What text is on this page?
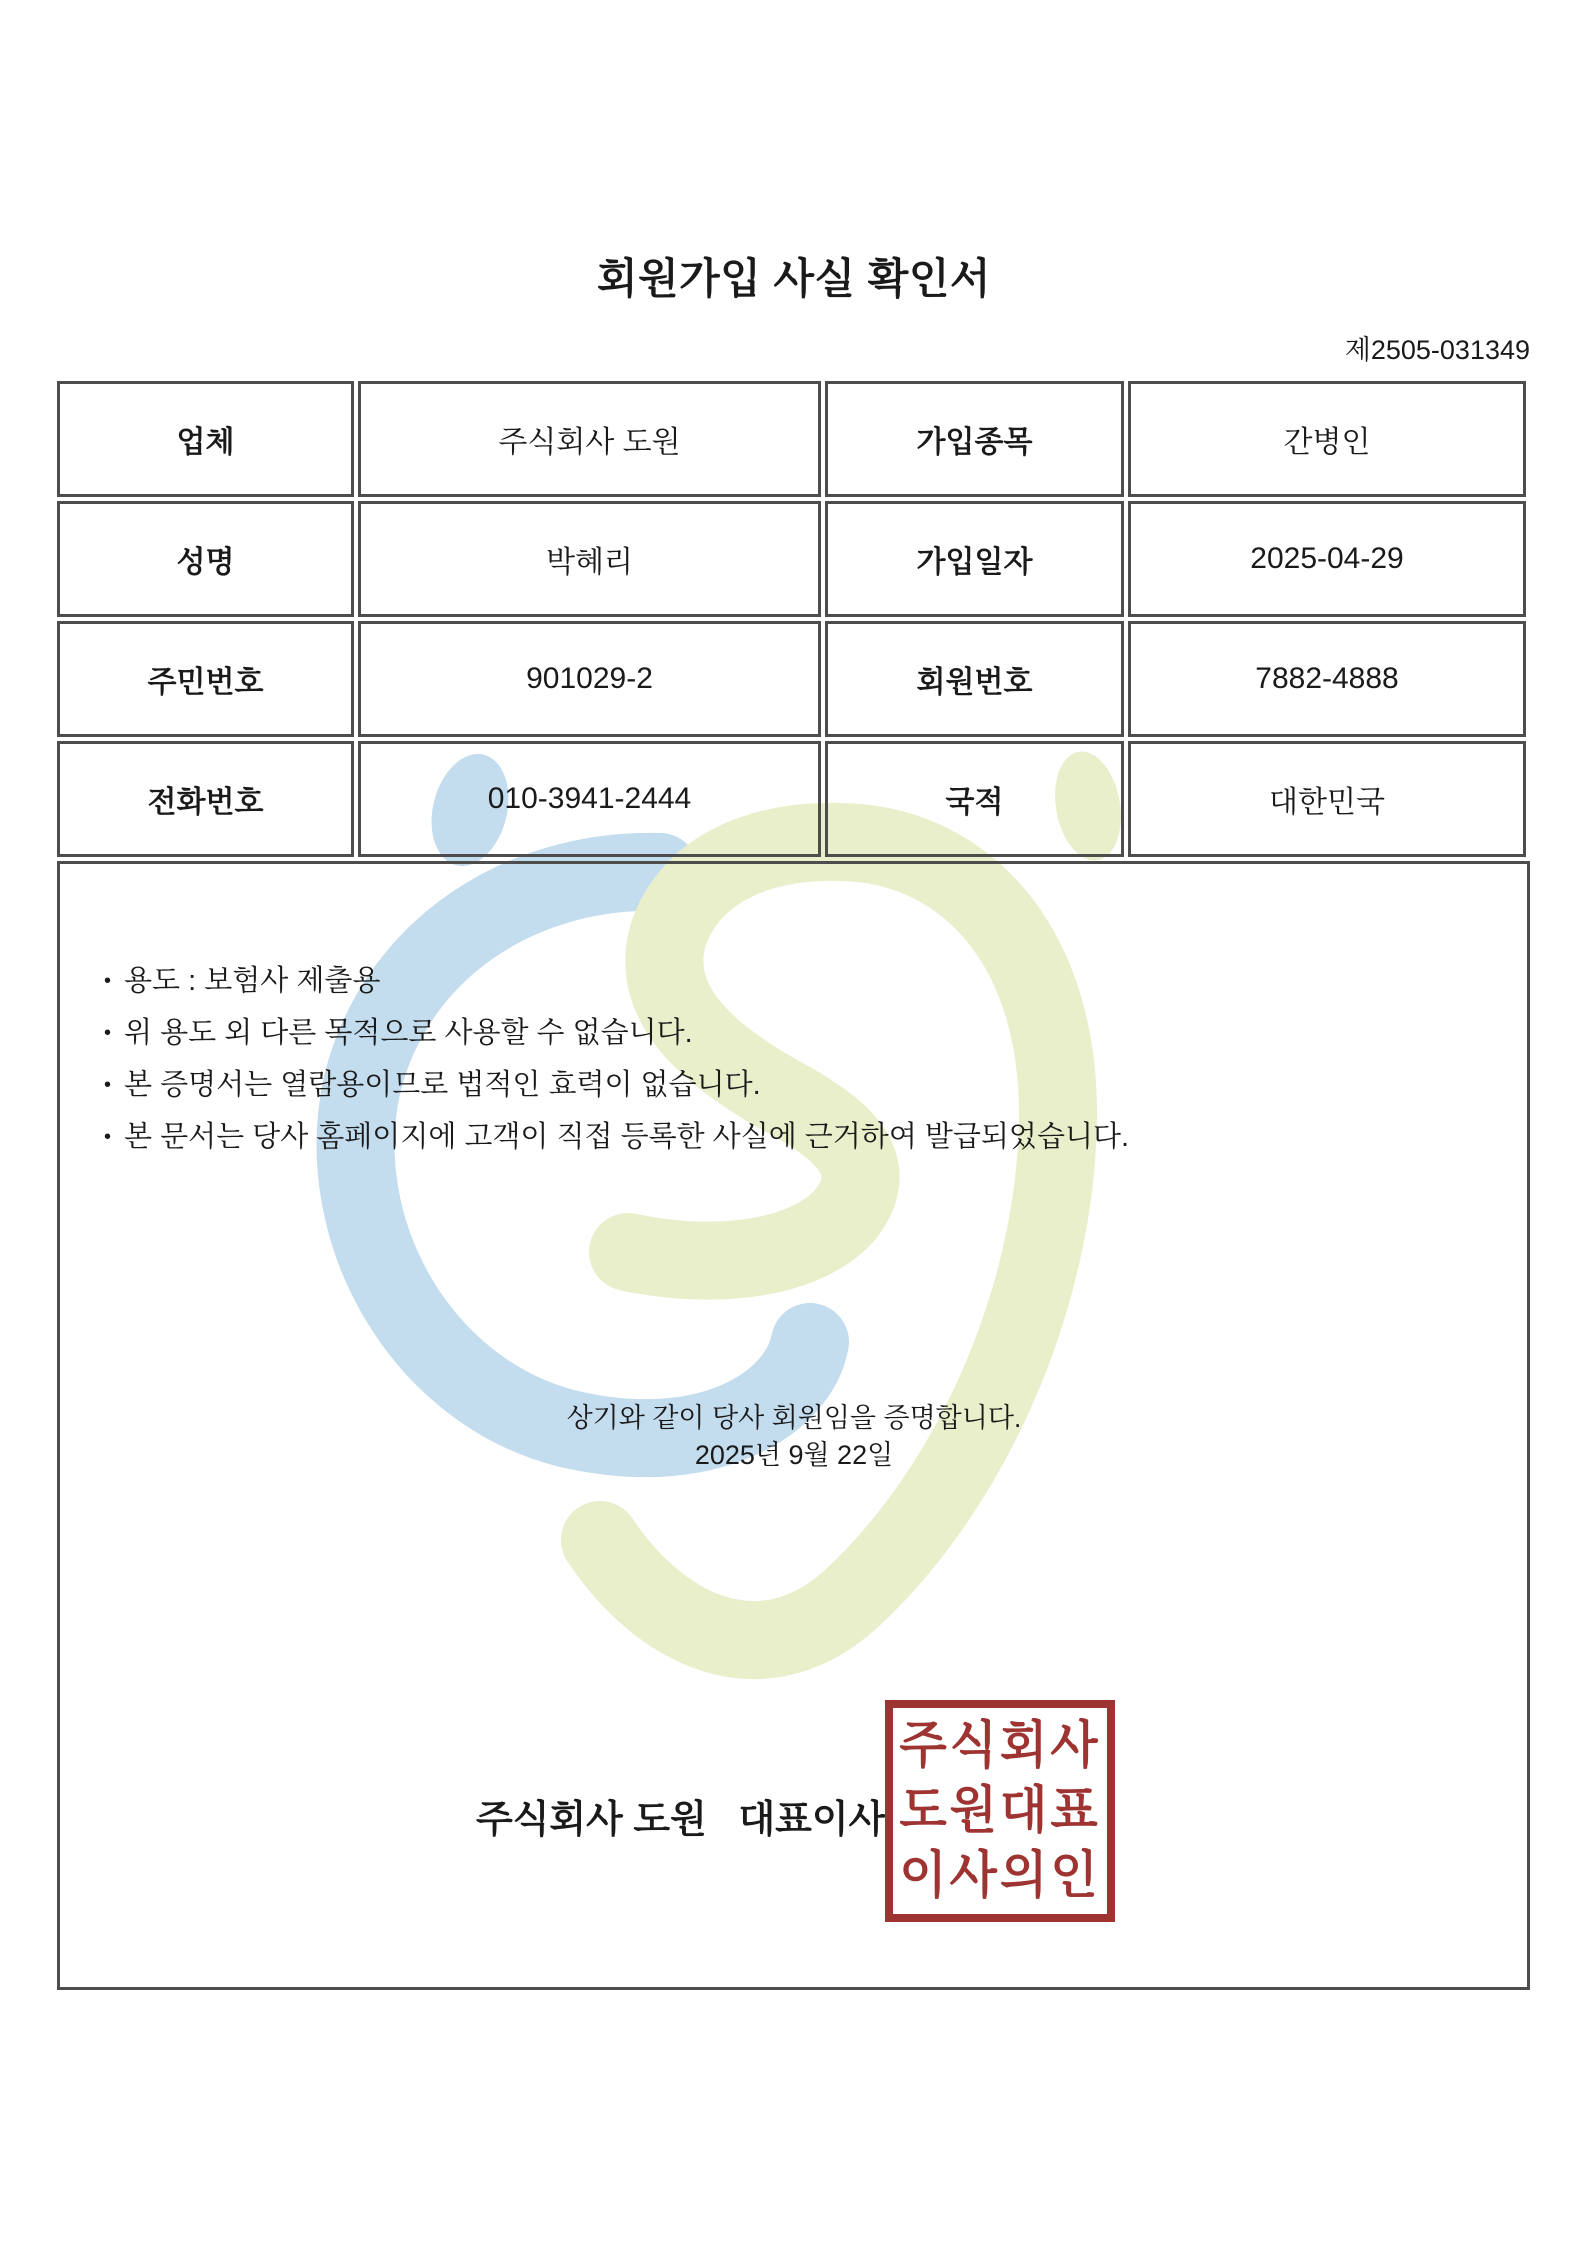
회원가입 사실 확인서
제2505-031349
업체	주식회사 도원	가입종목	간병인
성명	박혜리	가입일자	2025-04-29
주민번호	901029-2	회원번호	7882-4888
전화번호	010-3941-2444	국적	대한민국
• 용도 : 보험사 제출용
• 위 용도 외 다른 목적으로 사용할 수 없습니다.
• 본 증명서는 열람용이므로 법적인 효력이 없습니다.
• 본 문서는 당사 홈페이지에 고객이 직접 등록한 사실에 근거하여 발급되었습니다.
상기와 같이 당사 회원임을 증명합니다.
2025년 9월 22일
주식회사 도원   대표이사
주식회사
도원대표
이사의인
